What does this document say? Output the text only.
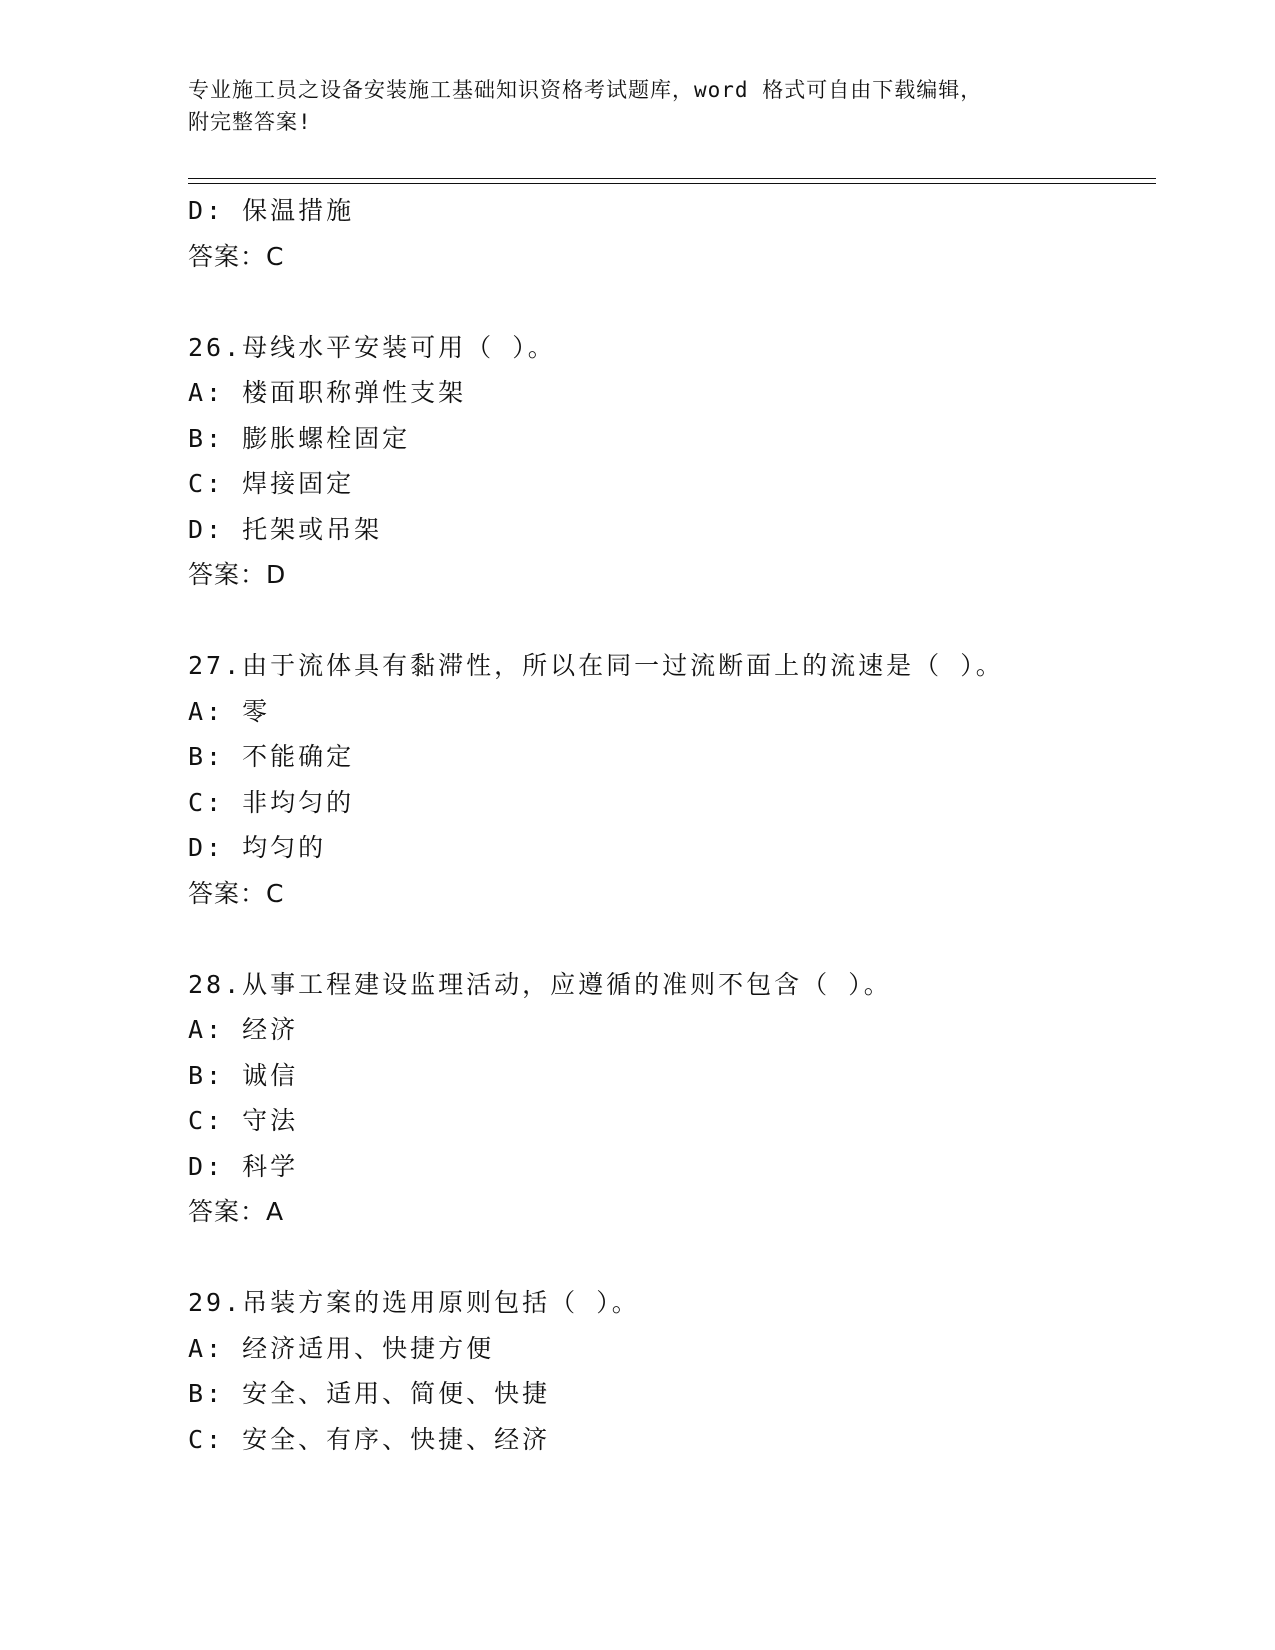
专业施工员之设备安装施工基础知识资格考试题库，word 格式可自由下载编辑，
附完整答案!
D: 保温措施
答案：C
26.母线水平安装可用（ ）。
A: 楼面职称弹性支架
B: 膨胀螺栓固定
C: 焊接固定
D: 托架或吊架
答案：D
27.由于流体具有黏滞性，所以在同一过流断面上的流速是（ ）。
A: 零
B: 不能确定
C: 非均匀的
D: 均匀的
答案：C
28.从事工程建设监理活动，应遵循的准则不包含（ ）。
A: 经济
B: 诚信
C: 守法
D: 科学
答案：A
29.吊装方案的选用原则包括（ ）。
A: 经济适用、快捷方便
B: 安全、适用、简便、快捷
C: 安全、有序、快捷、经济
